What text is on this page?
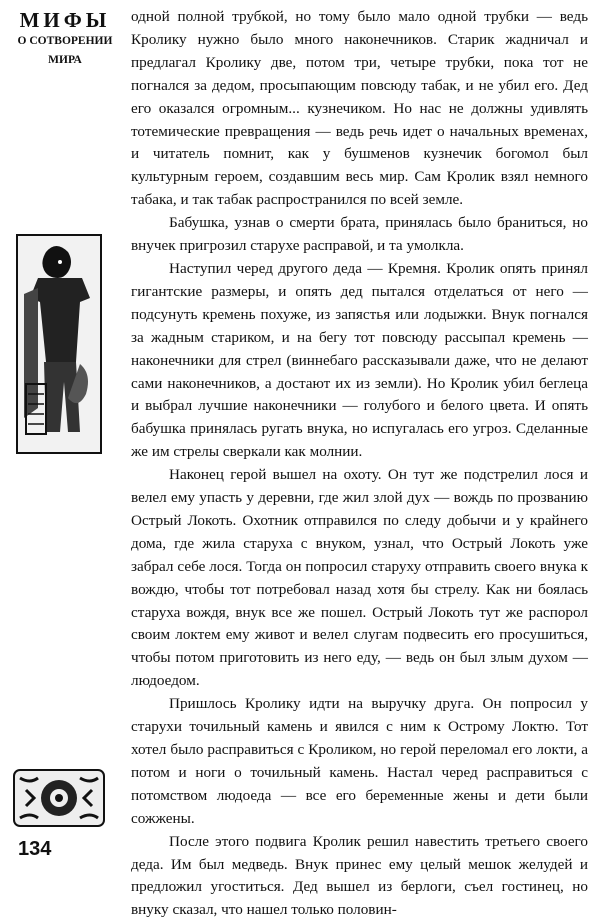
МИФЫ
О СОТВОРЕНИИ
МИРА

одной полной трубкой, но тому было мало одной трубки — ведь Кролику нужно было много наконечников. Старик жадничал и предлагал Кролику две, потом три, четыре трубки, пока тот не погнался за дедом, просыпающим повсюду табак, и не убил его. Дед его оказался огромным... кузнечиком. Но нас не должны удивлять тотемические превращения — ведь речь идет о начальных временах, и читатель помнит, как у бушменов кузнечик богомол был культурным героем, создавшим весь мир. Сам Кролик взял немного табака, и так табак распространился по всей земле.

Бабушка, узнав о смерти брата, принялась было браниться, но внучек пригрозил старухе расправой, и та умолкла.

Наступил черед другого деда — Кремня. Кролик опять принял гигантские размеры, и опять дед пытался отделаться от него — подсунуть кремень похуже, из запястья или лодыжки. Внук погнался за жадным стариком, и на бегу тот повсюду рассыпал кремень — наконечники для стрел (виннебаго рассказывали даже, что не делают сами наконечников, а достают их из земли). Но Кролик убил беглеца и выбрал лучшие наконечники — голубого и белого цвета. И опять бабушка принялась ругать внука, но испугалась его угроз. Сделанные же им стрелы сверкали как молнии.

Наконец герой вышел на охоту. Он тут же подстрелил лося и велел ему упасть у деревни, где жил злой дух — вождь по прозванию Острый Локоть. Охотник отправился по следу добычи и у крайнего дома, где жила старуха с внуком, узнал, что Острый Локоть уже забрал себе лося. Тогда он попросил старуху отправить своего внука к вождю, чтобы тот потребовал назад хотя бы стрелу. Как ни боялась старуха вождя, внук все же пошел. Острый Локоть тут же распорол своим локтем ему живот и велел слугам подвесить его просушиться, чтобы потом приготовить из него еду, — ведь он был злым духом — людоедом.

Пришлось Кролику идти на выручку друга. Он попросил у старухи точильный камень и явился с ним к Острому Локтю. Тот хотел было расправиться с Кроликом, но герой переломал его локти, а потом и ноги о точильный камень. Настал черед расправиться с потомством людоеда — все его беременные жены и дети были сожжены.

После этого подвига Кролик решил навестить третьего своего деда. Им был медведь. Внук принес ему целый мешок желудей и предложил угоститься. Дед вышел из берлоги, съел гостинец, но внуку сказал, что нашел только половин-

134
